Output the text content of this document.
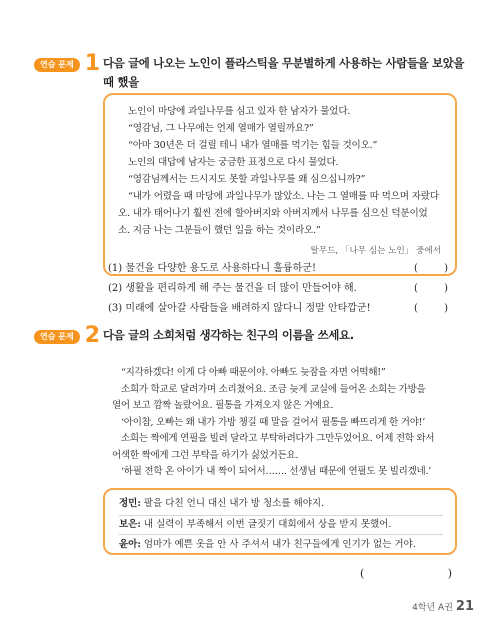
연습 문제 1 다음 글에 나오는 노인이 플라스틱을 무분별하게 사용하는 사람들을 보았을 때 했을
노인이 마당에 과일나무를 심고 있자 한 남자가 물었다.
“영감님, 그 나무에는 언제 열매가 열릴까요?”
“아마 30년은 더 걸릴 테니 내가 열매를 먹기는 힘들 것이오.”
노인의 대답에 남자는 궁금한 표정으로 다시 물었다.
“영감님께서는 드시지도 못할 과일나무를 왜 심으십니까?”
“내가 어렸을 때 마당에 과일나무가 많았소. 나는 그 열매를 따 먹으며 자랐다
오. 내가 태어나기 훨씬 전에 할아버지와 아버지께서 나무를 심으신 덕분이었
소. 지금 나는 그분들이 했던 일을 하는 것이라오.”
탈무드, 「나무 심는 노인」 중에서
(1) 물건을 다양한 용도로 사용하다니 훌륭하군!	(	)
(2) 생활을 편리하게 해 주는 물건을 더 많이 만들어야 해.	(	)
(3) 미래에 살아갈 사람들을 배려하지 않다니 정말 안타깝군!	(	)
연습 문제 2 다음 글의 소희처럼 생각하는 친구의 이름을 쓰세요.
“지각하겠다! 이게 다 아빠 때문이야. 아빠도 늦잠을 자면 어떡해!”
소희가 학교로 달려가며 소리쳤어요. 조금 늦게 교실에 들어온 소희는 가방을
열어 보고 깜짝 놀랐어요. 필통을 가져오지 않은 거예요.
‘아이참, 오빠는 왜 내가 가방 챙길 때 말을 걸어서 필통을 빠뜨리게 한 거야!’
소희는 짝에게 연필을 빌려 달라고 부탁하려다가 그만두었어요. 어제 전학 와서
어색한 짝에게 그런 부탁을 하기가 싫었거든요.
‘하필 전학 온 아이가 내 짝이 되어서……. 선생님 때문에 연필도 못 빌리겠네.’
정민: 팔을 다친 언니 대신 내가 방 청소를 해야지.
보은: 내 실력이 부족해서 이번 글짓기 대회에서 상을 받지 못했어.
윤아: 엄마가 예쁜 옷을 안 사 주셔서 내가 친구들에게 인기가 없는 거야.
(	)
4학년 A권 21
